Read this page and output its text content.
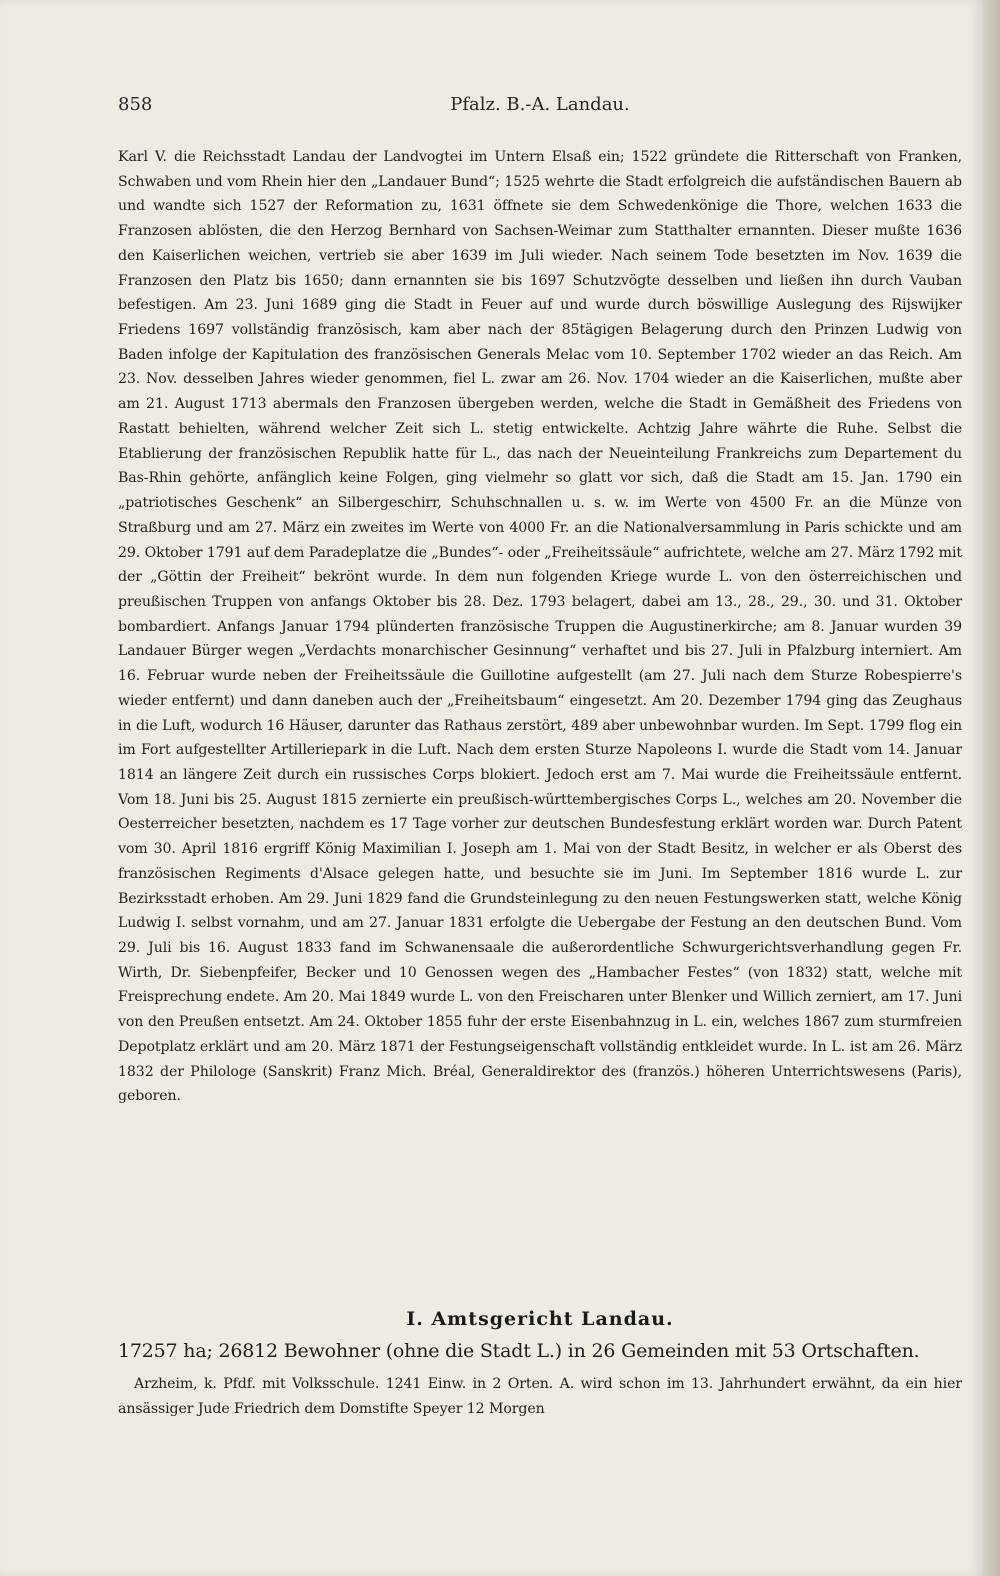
858	Pfalz. B.-A. Landau.

Karl V. die Reichsstadt Landau der Landvogtei im Untern Elsaß ein; 1522 gründete die Ritterschaft von Franken, Schwaben und vom Rhein hier den „Landauer Bund“; 1525 wehrte die Stadt erfolgreich die aufständischen Bauern ab und wandte sich 1527 der Reformation zu, 1631 öffnete sie dem Schwedenkönige die Thore, welchen 1633 die Franzosen ablösten, die den Herzog Bernhard von Sachsen-Weimar zum Statthalter ernannten. Dieser mußte 1636 den Kaiserlichen weichen, vertrieb sie aber 1639 im Juli wieder. Nach seinem Tode besetzten im Nov. 1639 die Franzosen den Platz bis 1650; dann ernannten sie bis 1697 Schutzvögte desselben und ließen ihn durch Vauban befestigen. Am 23. Juni 1689 ging die Stadt in Feuer auf und wurde durch böswillige Auslegung des Rijswijker Friedens 1697 vollständig französisch, kam aber nach der 85tägigen Belagerung durch den Prinzen Ludwig von Baden infolge der Kapitulation des französischen Generals Melac vom 10. September 1702 wieder an das Reich. Am 23. Nov. desselben Jahres wieder genommen, fiel L. zwar am 26. Nov. 1704 wieder an die Kaiserlichen, mußte aber am 21. August 1713 abermals den Franzosen übergeben werden, welche die Stadt in Gemäßheit des Friedens von Rastatt behielten, während welcher Zeit sich L. stetig entwickelte. Achtzig Jahre währte die Ruhe. Selbst die Etablierung der französischen Republik hatte für L., das nach der Neueinteilung Frankreichs zum Departement du Bas-Rhin gehörte, anfänglich keine Folgen, ging vielmehr so glatt vor sich, daß die Stadt am 15. Jan. 1790 ein „patriotisches Geschenk“ an Silbergeschirr, Schuhschnallen u. s. w. im Werte von 4500 Fr. an die Münze von Straßburg und am 27. März ein zweites im Werte von 4000 Fr. an die Nationalversammlung in Paris schickte und am 29. Oktober 1791 auf dem Paradeplatze die „Bundes“- oder „Freiheitssäule“ aufrichtete, welche am 27. März 1792 mit der „Göttin der Freiheit“ bekrönt wurde. In dem nun folgenden Kriege wurde L. von den österreichischen und preußischen Truppen von anfangs Oktober bis 28. Dez. 1793 belagert, dabei am 13., 28., 29., 30. und 31. Oktober bombardiert. Anfangs Januar 1794 plünderten französische Truppen die Augustinerkirche; am 8. Januar wurden 39 Landauer Bürger wegen „Verdachts monarchischer Gesinnung“ verhaftet und bis 27. Juli in Pfalzburg interniert. Am 16. Februar wurde neben der Freiheitssäule die Guillotine aufgestellt (am 27. Juli nach dem Sturze Robespierre's wieder entfernt) und dann daneben auch der „Freiheitsbaum“ eingesetzt. Am 20. Dezember 1794 ging das Zeughaus in die Luft, wodurch 16 Häuser, darunter das Rathaus zerstört, 489 aber unbewohnbar wurden. Im Sept. 1799 flog ein im Fort aufgestellter Artilleriepark in die Luft. Nach dem ersten Sturze Napoleons I. wurde die Stadt vom 14. Januar 1814 an längere Zeit durch ein russisches Corps blokiert. Jedoch erst am 7. Mai wurde die Freiheitssäule entfernt. Vom 18. Juni bis 25. August 1815 zernierte ein preußisch-württembergisches Corps L., welches am 20. November die Oesterreicher besetzten, nachdem es 17 Tage vorher zur deutschen Bundesfestung erklärt worden war. Durch Patent vom 30. April 1816 ergriff König Maximilian I. Joseph am 1. Mai von der Stadt Besitz, in welcher er als Oberst des französischen Regiments d'Alsace gelegen hatte, und besuchte sie im Juni. Im September 1816 wurde L. zur Bezirksstadt erhoben. Am 29. Juni 1829 fand die Grundsteinlegung zu den neuen Festungswerken statt, welche König Ludwig I. selbst vornahm, und am 27. Januar 1831 erfolgte die Uebergabe der Festung an den deutschen Bund. Vom 29. Juli bis 16. August 1833 fand im Schwanensaale die außerordentliche Schwurgerichtsverhandlung gegen Fr. Wirth, Dr. Siebenpfeifer, Becker und 10 Genossen wegen des „Hambacher Festes“ (von 1832) statt, welche mit Freisprechung endete. Am 20. Mai 1849 wurde L. von den Freischaren unter Blenker und Willich zerniert, am 17. Juni von den Preußen entsetzt. Am 24. Oktober 1855 fuhr der erste Eisenbahnzug in L. ein, welches 1867 zum sturmfreien Depotplatz erklärt und am 20. März 1871 der Festungseigenschaft vollständig entkleidet wurde. In L. ist am 26. März 1832 der Philologe (Sanskrit) Franz Mich. Bréal, Generaldirektor des (französ.) höheren Unterrichtswesens (Paris), geboren.

I. Amtsgericht Landau.
17257 ha; 26812 Bewohner (ohne die Stadt L.) in 26 Gemeinden mit 53 Ortschaften.
Arzheim, k. Pfdf. mit Volksschule. 1241 Einw. in 2 Orten. A. wird schon im 13. Jahrhundert erwähnt, da ein hier ansässiger Jude Friedrich dem Domstifte Speyer 12 Morgen
